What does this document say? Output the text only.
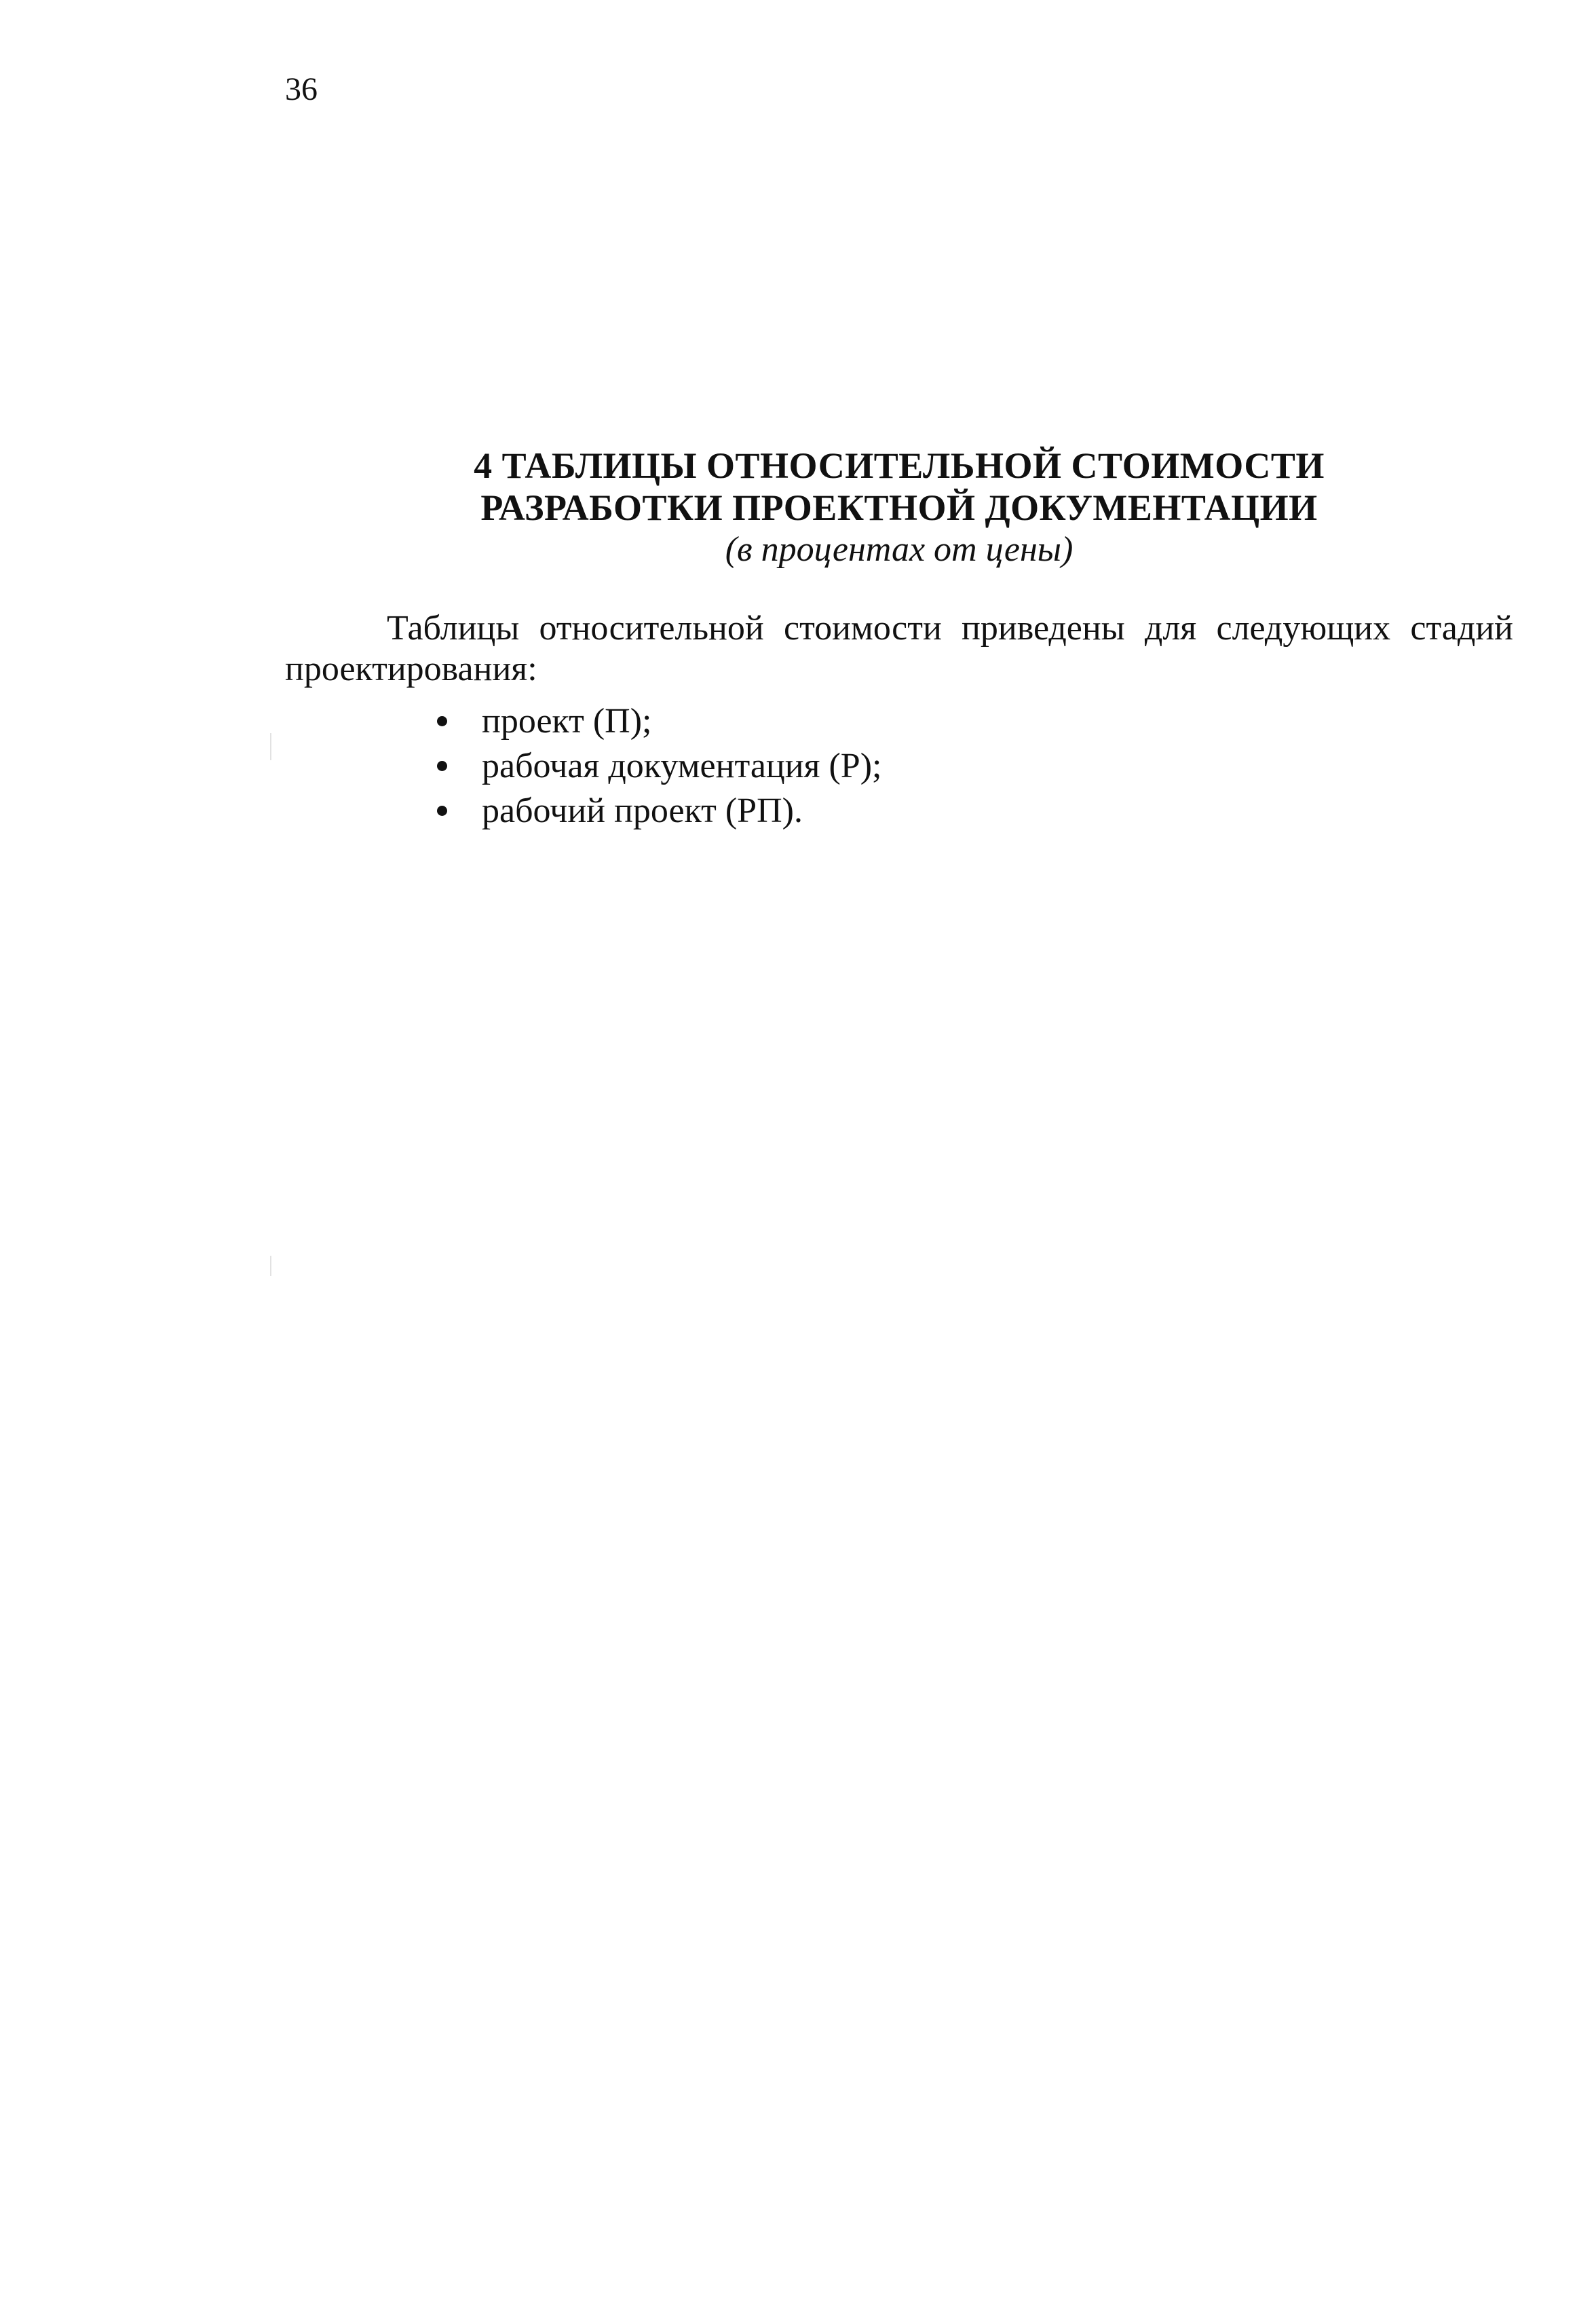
36
4 ТАБЛИЦЫ ОТНОСИТЕЛЬНОЙ СТОИМОСТИ
РАЗРАБОТКИ ПРОЕКТНОЙ ДОКУМЕНТАЦИИ
(в процентах от цены)

Таблицы относительной стоимости приведены для следующих стадий проектирования:

проект (П);
рабочая документация (Р);
рабочий проект (РП).
